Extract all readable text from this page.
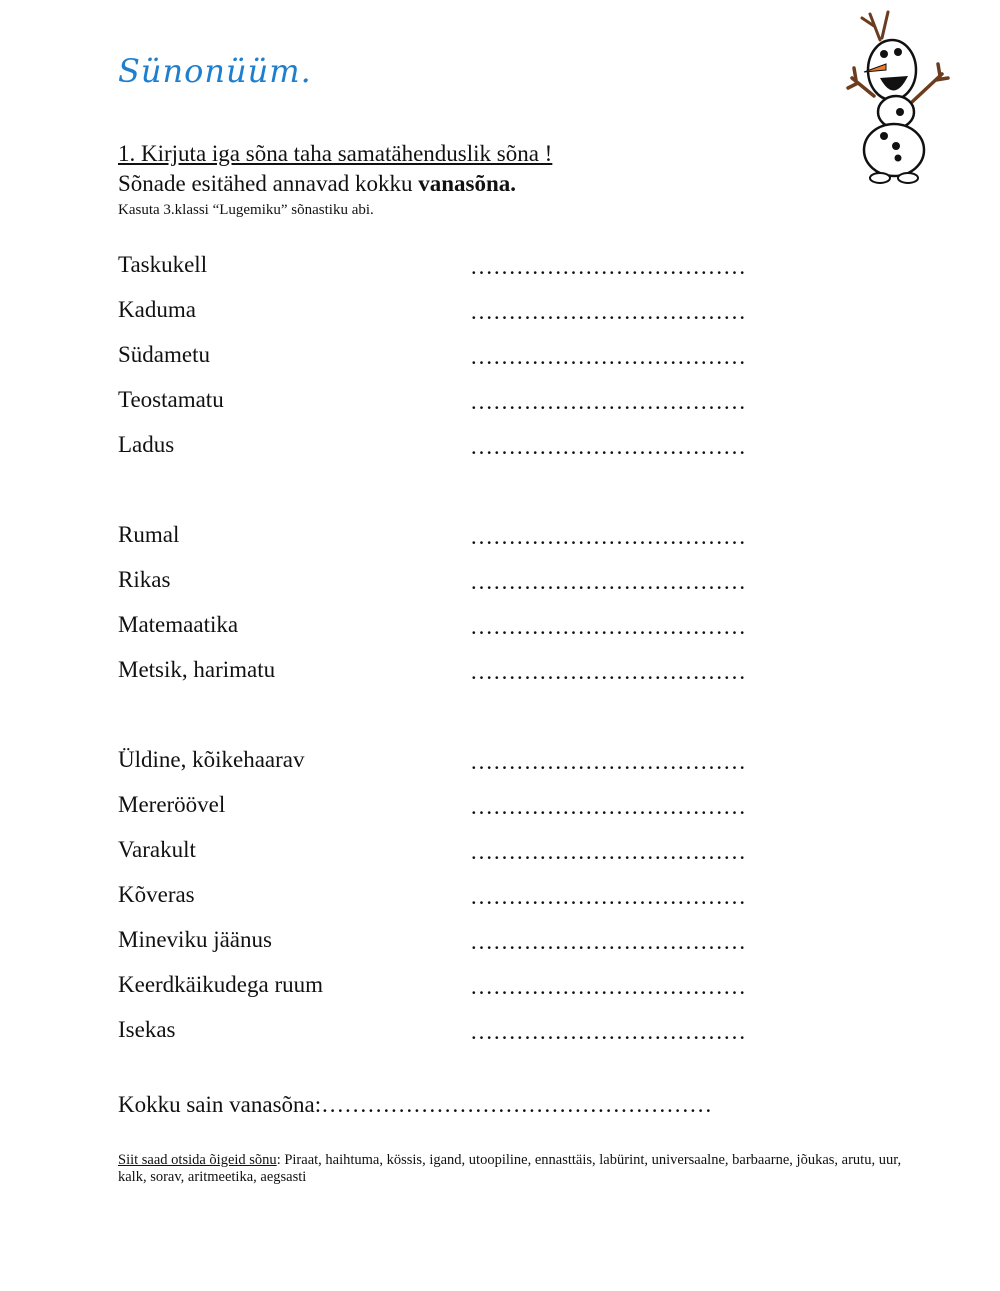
Sünonüüm.
1. Kirjuta iga sõna taha samatähenduslik sõna !
Sõnade esitähed annavad kokku vanasõna.
Kasuta 3.klassi “Lugemiku” sõnastiku abi.
Taskukell	………………………………
Kaduma	………………………………
Südametu	………………………………
Teostamatu	………………………………
Ladus	………………………………
Rumal	………………………………
Rikas	………………………………
Matemaatika	………………………………
Metsik, harimatu	………………………………
Üldine, kõikehaarav	………………………………
Mereröövel	………………………………
Varakult	………………………………
Kõveras	………………………………
Mineviku jäänus	………………………………
Keerdkäikudega ruum	………………………………
Isekas	………………………………
Kokku sain vanasõna:……………………………………………
Siit saad otsida õigeid sõnu: Piraat, haihtuma, kössis, igand, utoopiline, ennasttäis, labürint, universaalne, barbaarne, jõukas, arutu, uur, kalk, sorav, aritmeetika, aegsasti
